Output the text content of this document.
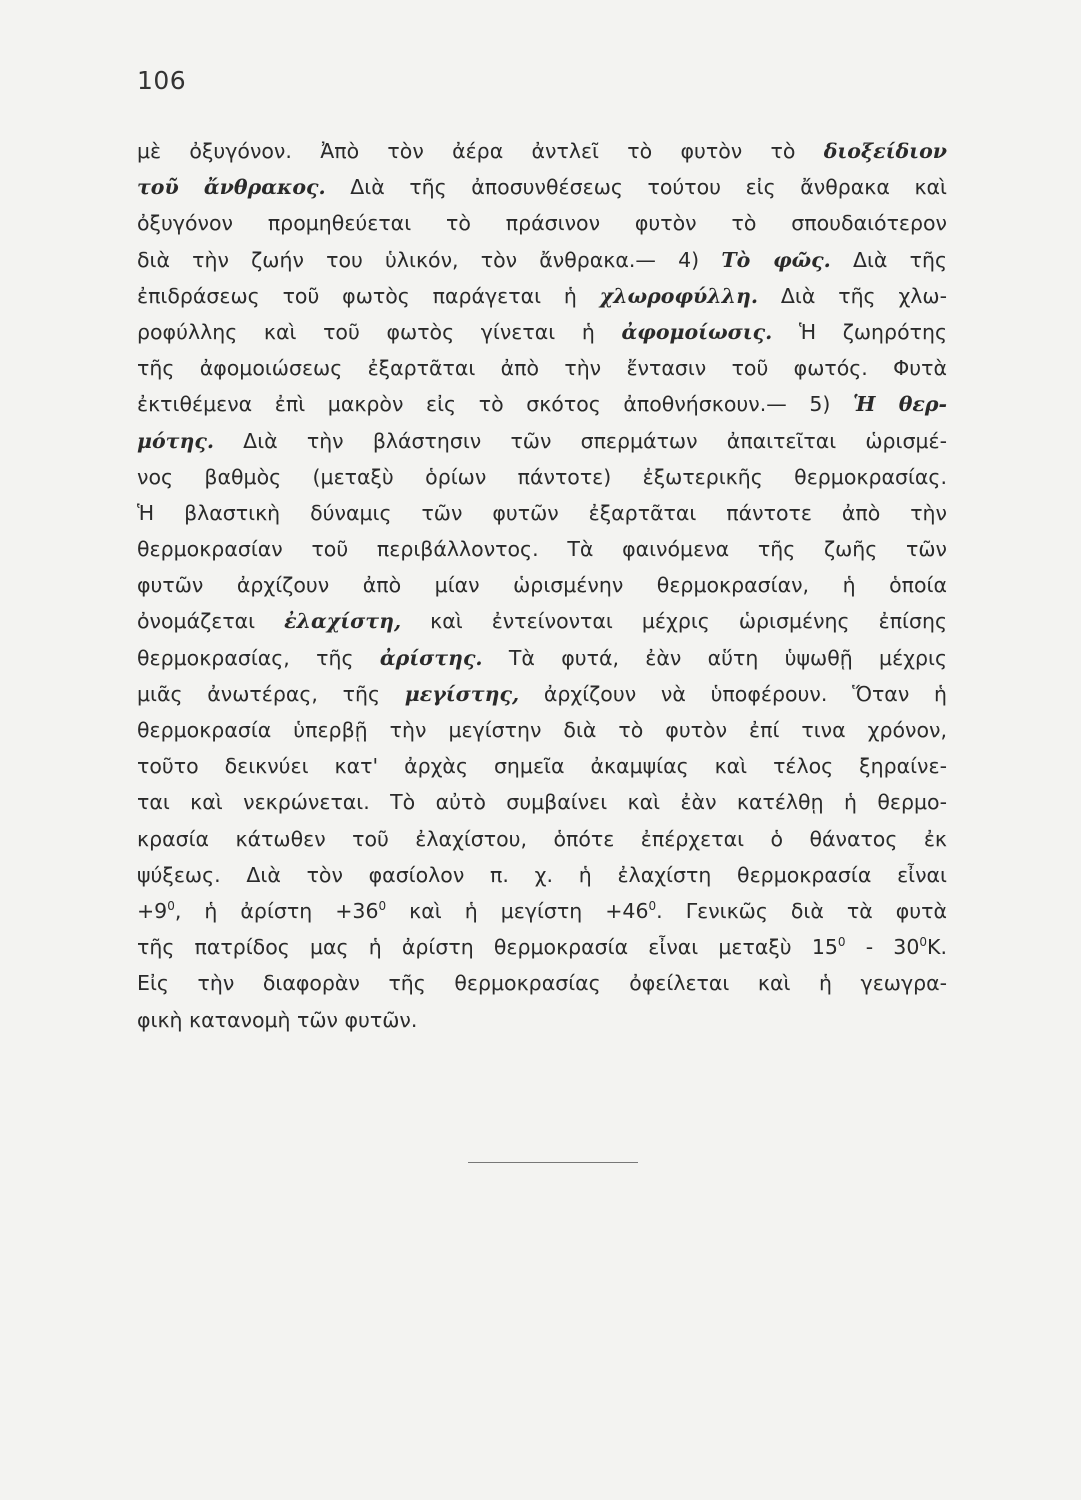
106
μὲ ὀξυγόνον. Ἀπὸ τὸν ἀέρα ἀντλεῖ τὸ φυτὸν τὸ διοξείδιον
τοῦ ἄνθρακος. Διὰ τῆς ἀποσυνθέσεως τούτου εἰς ἄνθρακα καὶ
ὀξυγόνον προμηθεύεται τὸ πράσινον φυτὸν τὸ σπουδαιότερον
διὰ τὴν ζωήν του ὑλικόν, τὸν ἄνθρακα.— 4) Τὸ φῶς. Διὰ τῆς
ἐπιδράσεως τοῦ φωτὸς παράγεται ἡ χλωροφύλλη. Διὰ τῆς χλω-
ροφύλλης καὶ τοῦ φωτὸς γίνεται ἡ ἀφομοίωσις. Ἡ ζωηρότης
τῆς ἀφομοιώσεως ἐξαρτᾶται ἀπὸ τὴν ἔντασιν τοῦ φωτός. Φυτὰ
ἐκτιθέμενα ἐπὶ μακρὸν εἰς τὸ σκότος ἀποθνήσκουν.— 5) Ἡ θερ-
μότης. Διὰ τὴν βλάστησιν τῶν σπερμάτων ἀπαιτεῖται ὡρισμέ-
νος βαθμὸς (μεταξὺ ὁρίων πάντοτε) ἐξωτερικῆς θερμοκρασίας.
Ἡ βλαστικὴ δύναμις τῶν φυτῶν ἐξαρτᾶται πάντοτε ἀπὸ τὴν
θερμοκρασίαν τοῦ περιβάλλοντος. Τὰ φαινόμενα τῆς ζωῆς τῶν
φυτῶν ἀρχίζουν ἀπὸ μίαν ὡρισμένην θερμοκρασίαν, ἡ ὁποία
ὀνομάζεται ἐλαχίστη, καὶ ἐντείνονται μέχρις ὡρισμένης ἐπίσης
θερμοκρασίας, τῆς ἀρίστης. Τὰ φυτά, ἐὰν αὕτη ὑψωθῇ μέχρις
μιᾶς ἀνωτέρας, τῆς μεγίστης, ἀρχίζουν νὰ ὑποφέρουν. Ὅταν ἡ
θερμοκρασία ὑπερβῇ τὴν μεγίστην διὰ τὸ φυτὸν ἐπί τινα χρόνον,
τοῦτο δεικνύει κατ' ἀρχὰς σημεῖα ἀκαμψίας καὶ τέλος ξηραίνε-
ται καὶ νεκρώνεται. Τὸ αὐτὸ συμβαίνει καὶ ἐὰν κατέλθῃ ἡ θερμο-
κρασία κάτωθεν τοῦ ἐλαχίστου, ὁπότε ἐπέρχεται ὁ θάνατος ἐκ
ψύξεως. Διὰ τὸν φασίολον π. χ. ἡ ἐλαχίστη θερμοκρασία εἶναι
$+9^0$, ἡ ἀρίστη $+36^0$ καὶ ἡ $\mu\varepsilon\gamma ί\sigma\tau\eta +46^0$. Γενικῶς διὰ τὰ φυτὰ
τῆς πατρίδος μας ἡ ἀρίστη θερμοκρασία εἶναι μεταξὺ $15^0 - 30^0K$.
Εἰς τὴν διαφορὰν τῆς θερμοκρασίας ὀφείλεται καὶ ἡ γεωγρα-
φικὴ κατανομὴ τῶν φυτῶν.
